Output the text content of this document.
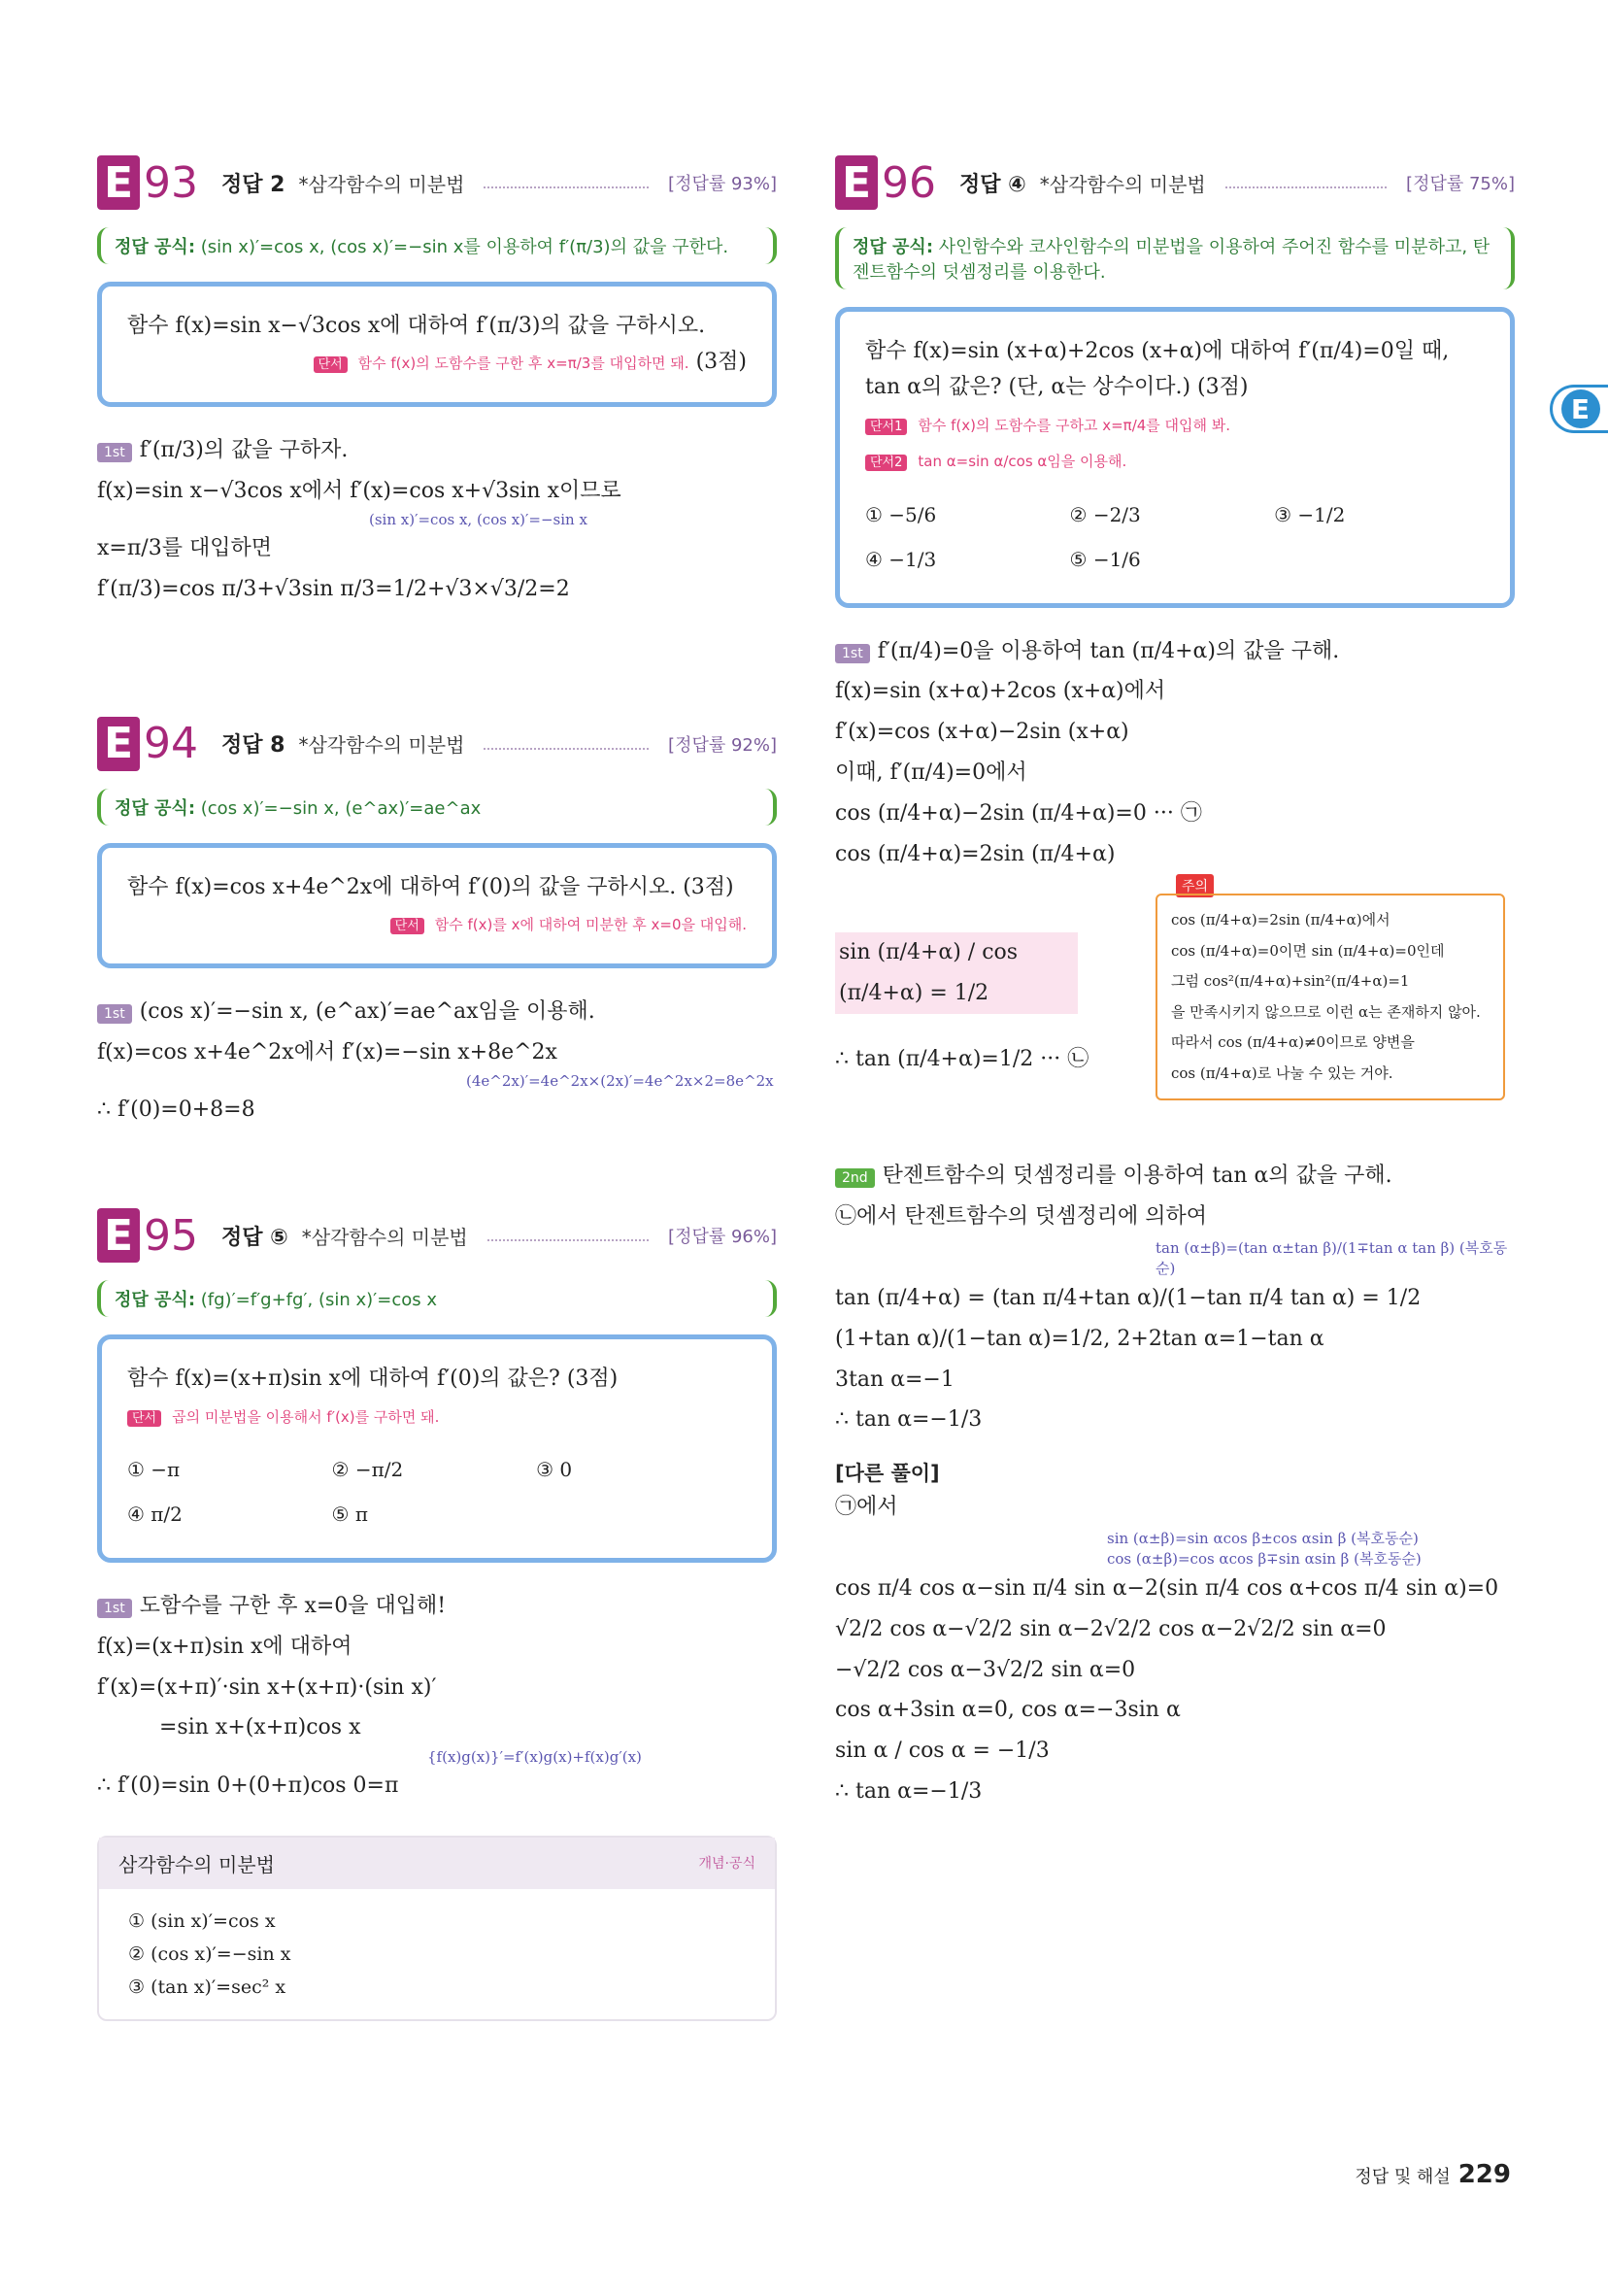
E 93 정답 2 *삼각함수의 미분법	[정답률 93%]
정답 공식: (sin x)′=cos x, (cos x)′=−sin x를 이용하여 f′(π/3)의 값을 구한다.
함수 f(x)=sin x−√3cos x에 대하여 f′(π/3)의 값을 구하시오.
단서 함수 f(x)의 도함수를 구한 후 x=π/3를 대입하면 돼. (3점)
1st f′(π/3)의 값을 구하자.
f(x)=sin x−√3cos x에서 f′(x)=cos x+√3sin x이므로
(sin x)′=cos x, (cos x)′=−sin x
x=π/3를 대입하면
f′(π/3)=cos π/3+√3sin π/3=1/2+√3×√3/2=2
E 94 정답 8 *삼각함수의 미분법	[정답률 92%]
정답 공식: (cos x)′=−sin x, (e^ax)′=ae^ax
함수 f(x)=cos x+4e^2x에 대하여 f′(0)의 값을 구하시오. (3점)
단서 함수 f(x)를 x에 대하여 미분한 후 x=0을 대입해.
1st (cos x)′=−sin x, (e^ax)′=ae^ax임을 이용해.
f(x)=cos x+4e^2x에서 f′(x)=−sin x+8e^2x
(4e^2x)′=4e^2x×(2x)′=4e^2x×2=8e^2x
∴ f′(0)=0+8=8
E 95 정답 ⑤ *삼각함수의 미분법	[정답률 96%]
정답 공식: (fg)′=f′g+fg′, (sin x)′=cos x
함수 f(x)=(x+π)sin x에 대하여 f′(0)의 값은? (3점)
단서 곱의 미분법을 이용해서 f′(x)를 구하면 돼.
① −π	② −π/2	③ 0
④ π/2	⑤ π
1st 도함수를 구한 후 x=0을 대입해!
f(x)=(x+π)sin x에 대하여
f′(x)=(x+π)′·sin x+(x+π)·(sin x)′
=sin x+(x+π)cos x
{f(x)g(x)}′=f′(x)g(x)+f(x)g′(x)
∴ f′(0)=sin 0+(0+π)cos 0=π
삼각함수의 미분법	개념·공식
① (sin x)′=cos x
② (cos x)′=−sin x
③ (tan x)′=sec² x
E 96 정답 ④ *삼각함수의 미분법	[정답률 75%]
정답 공식: 사인함수와 코사인함수의 미분법을 이용하여 주어진 함수를 미분하고, 탄젠트함수의 덧셈정리를 이용한다.
함수 f(x)=sin (x+α)+2cos (x+α)에 대하여 f′(π/4)=0일 때, tan α의 값은? (단, α는 상수이다.) (3점)
단서1 함수 f(x)의 도함수를 구하고 x=π/4를 대입해 봐.
단서2 tan α=sin α/cos α임을 이용해.
① −5/6	② −2/3	③ −1/2
④ −1/3	⑤ −1/6
1st f′(π/4)=0을 이용하여 tan (π/4+α)의 값을 구해.
f(x)=sin (x+α)+2cos (x+α)에서
f′(x)=cos (x+α)−2sin (x+α)
이때, f′(π/4)=0에서
cos (π/4+α)−2sin (π/4+α)=0 ··· ㉠
cos (π/4+α)=2sin (π/4+α)
주의
sin (π/4+α) / cos (π/4+α) = 1/2
∴ tan (π/4+α)=1/2 ··· ㉡
cos (π/4+α)=2sin (π/4+α)에서
cos (π/4+α)=0이면 sin (π/4+α)=0인데
그럼 cos²(π/4+α)+sin²(π/4+α)=1
을 만족시키지 않으므로 이런 α는 존재하지 않아.
따라서 cos (π/4+α)≠0이므로 양변을
cos (π/4+α)로 나눌 수 있는 거야.
2nd 탄젠트함수의 덧셈정리를 이용하여 tan α의 값을 구해.
㉡에서 탄젠트함수의 덧셈정리에 의하여
tan (α±β)=(tan α±tan β)/(1∓tan α tan β) (복호동순)
tan (π/4+α) = (tan π/4+tan α)/(1−tan π/4 tan α) = 1/2
(1+tan α)/(1−tan α)=1/2, 2+2tan α=1−tan α
3tan α=−1
∴ tan α=−1/3
[다른 풀이]
㉠에서
sin (α±β)=sin αcos β±cos αsin β (복호동순)
cos (α±β)=cos αcos β∓sin αsin β (복호동순)
cos π/4 cos α−sin π/4 sin α−2(sin π/4 cos α+cos π/4 sin α)=0
√2/2 cos α−√2/2 sin α−2√2/2 cos α−2√2/2 sin α=0
−√2/2 cos α−3√2/2 sin α=0
cos α+3sin α=0, cos α=−3sin α
sin α / cos α = −1/3
∴ tan α=−1/3
E
정답 및 해설 229
